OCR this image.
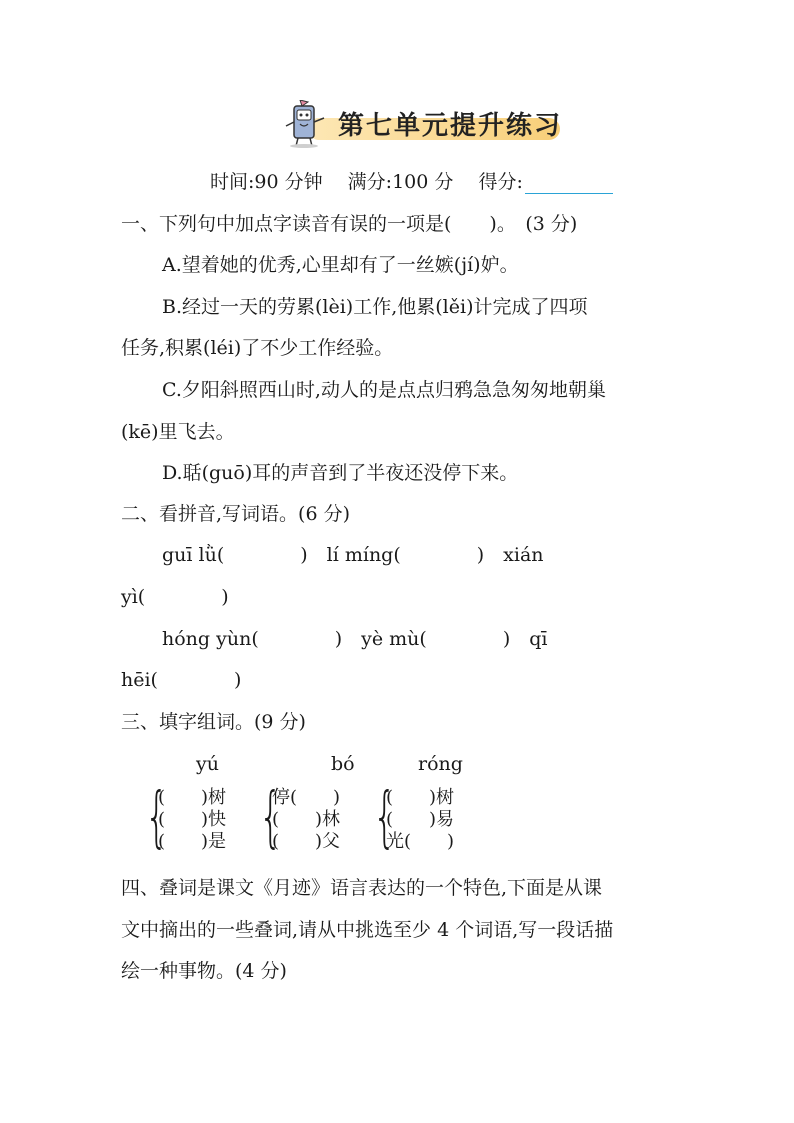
第七单元提升练习
时间:90 分钟　 满分:100 分　 得分:
一、下列句中加点字读音有误的一项是(　　)。　(3 分)
A.望着她的优秀,心里却有了一丝嫉(jí)妒。
B.经过一天的劳累(lèi)工作,他累(lěi)计完成了四项
任务,积累(léi)了不少工作经验。
C.夕阳斜照西山时,动人的是点点归鸦急急匆匆地朝巢
(kē)里飞去。
D.聒(guō)耳的声音到了半夜还没停下来。
二、看拼音,写词语。(6 分)
guī lǜ(　　　　)　lí míng(　　　　)　xián
yì(　　　　)
hóng yùn(　　　　)　yè mù(　　　　)　qī
hēi(　　　　)
三、填字组词。(9 分)
yú	bó	róng
{
(　　)树
(　　)快
(　　)是 {
停(　　)
(　　)林
(　　)父 {
(　　)树
(　　)易
光(　　)
四、叠词是课文《月迹》语言表达的一个特色,下面是从课
文中摘出的一些叠词,请从中挑选至少 4 个词语,写一段话描
绘一种事物。(4 分)
